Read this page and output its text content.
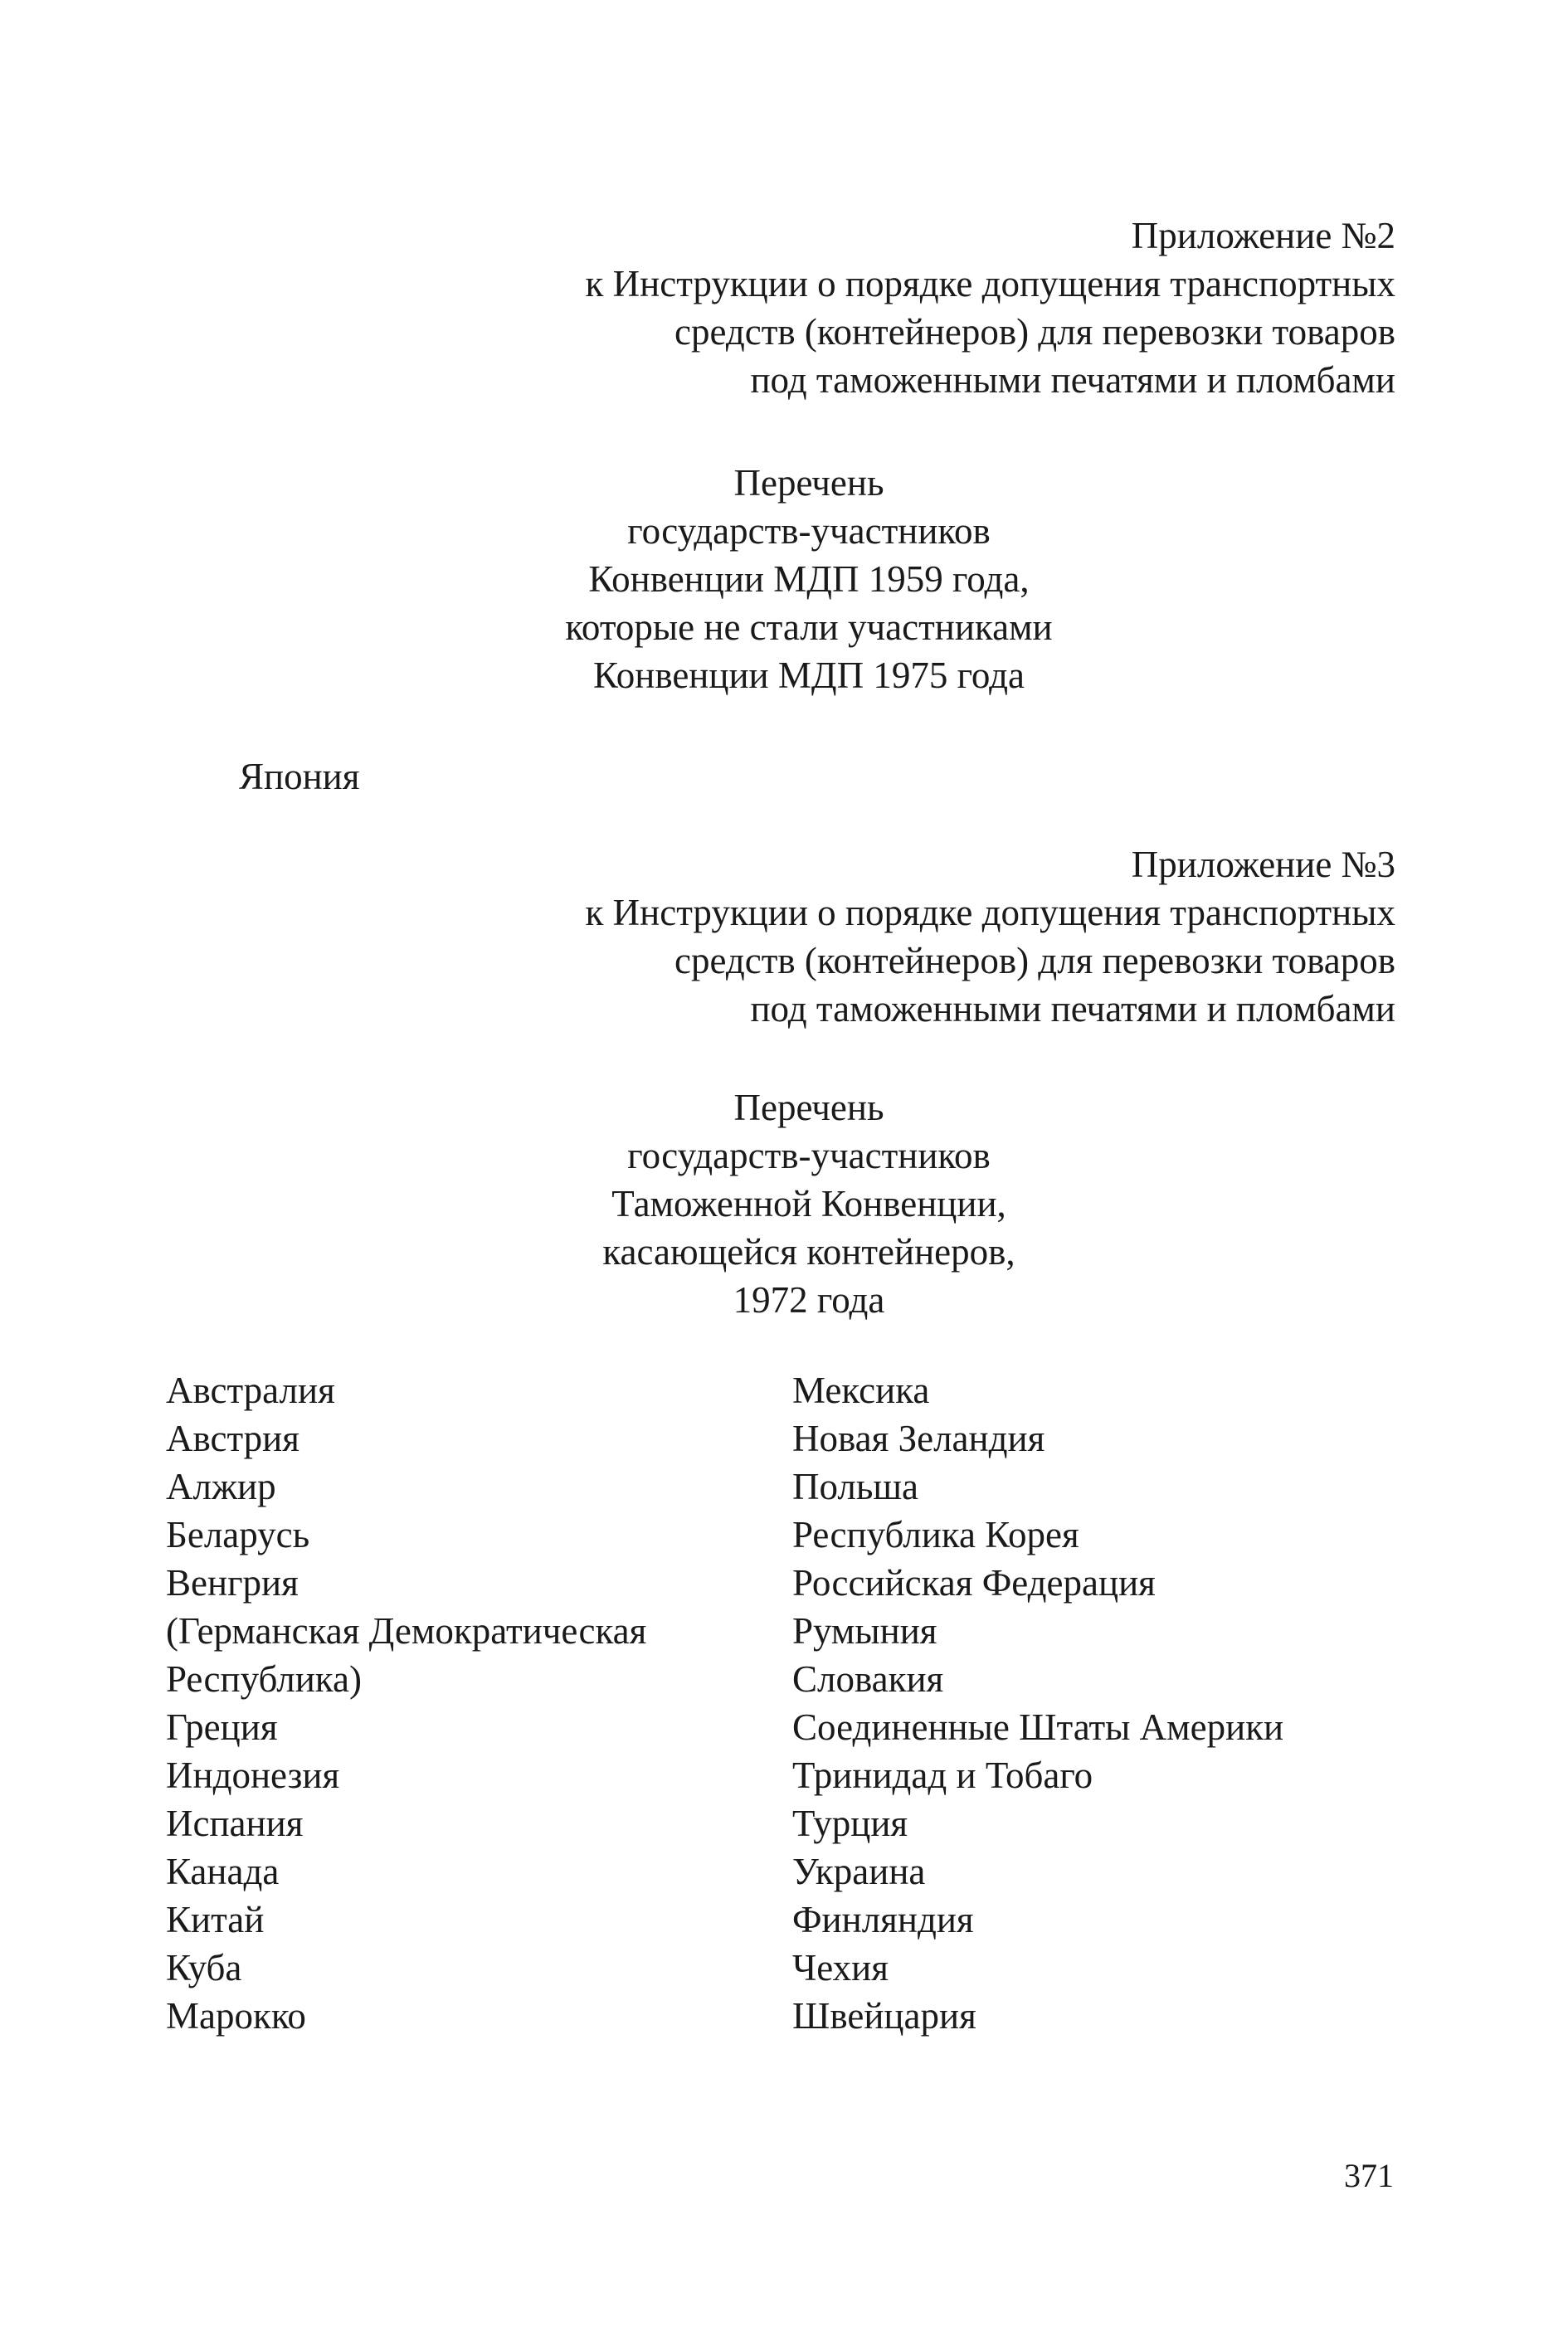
Приложение №2
к Инструкции о порядке допущения транспортных
средств (контейнеров) для перевозки товаров
под таможенными печатями и пломбами
Перечень
государств-участников
Конвенции МДП 1959 года,
которые не стали участниками
Конвенции МДП 1975 года
Япония
Приложение №3
к Инструкции о порядке допущения транспортных
средств (контейнеров) для перевозки товаров
под таможенными печатями и пломбами
Перечень
государств-участников
Таможенной Конвенции,
касающейся контейнеров,
1972 года
Австралия
Австрия
Алжир
Беларусь
Венгрия
(Германская Демократическая
Республика)
Греция
Индонезия
Испания
Канада
Китай
Куба
Марокко
Мексика
Новая Зеландия
Польша
Республика Корея
Российская Федерация
Румыния
Словакия
Соединенные Штаты Америки
Тринидад и Тобаго
Турция
Украина
Финляндия
Чехия
Швейцария
371
